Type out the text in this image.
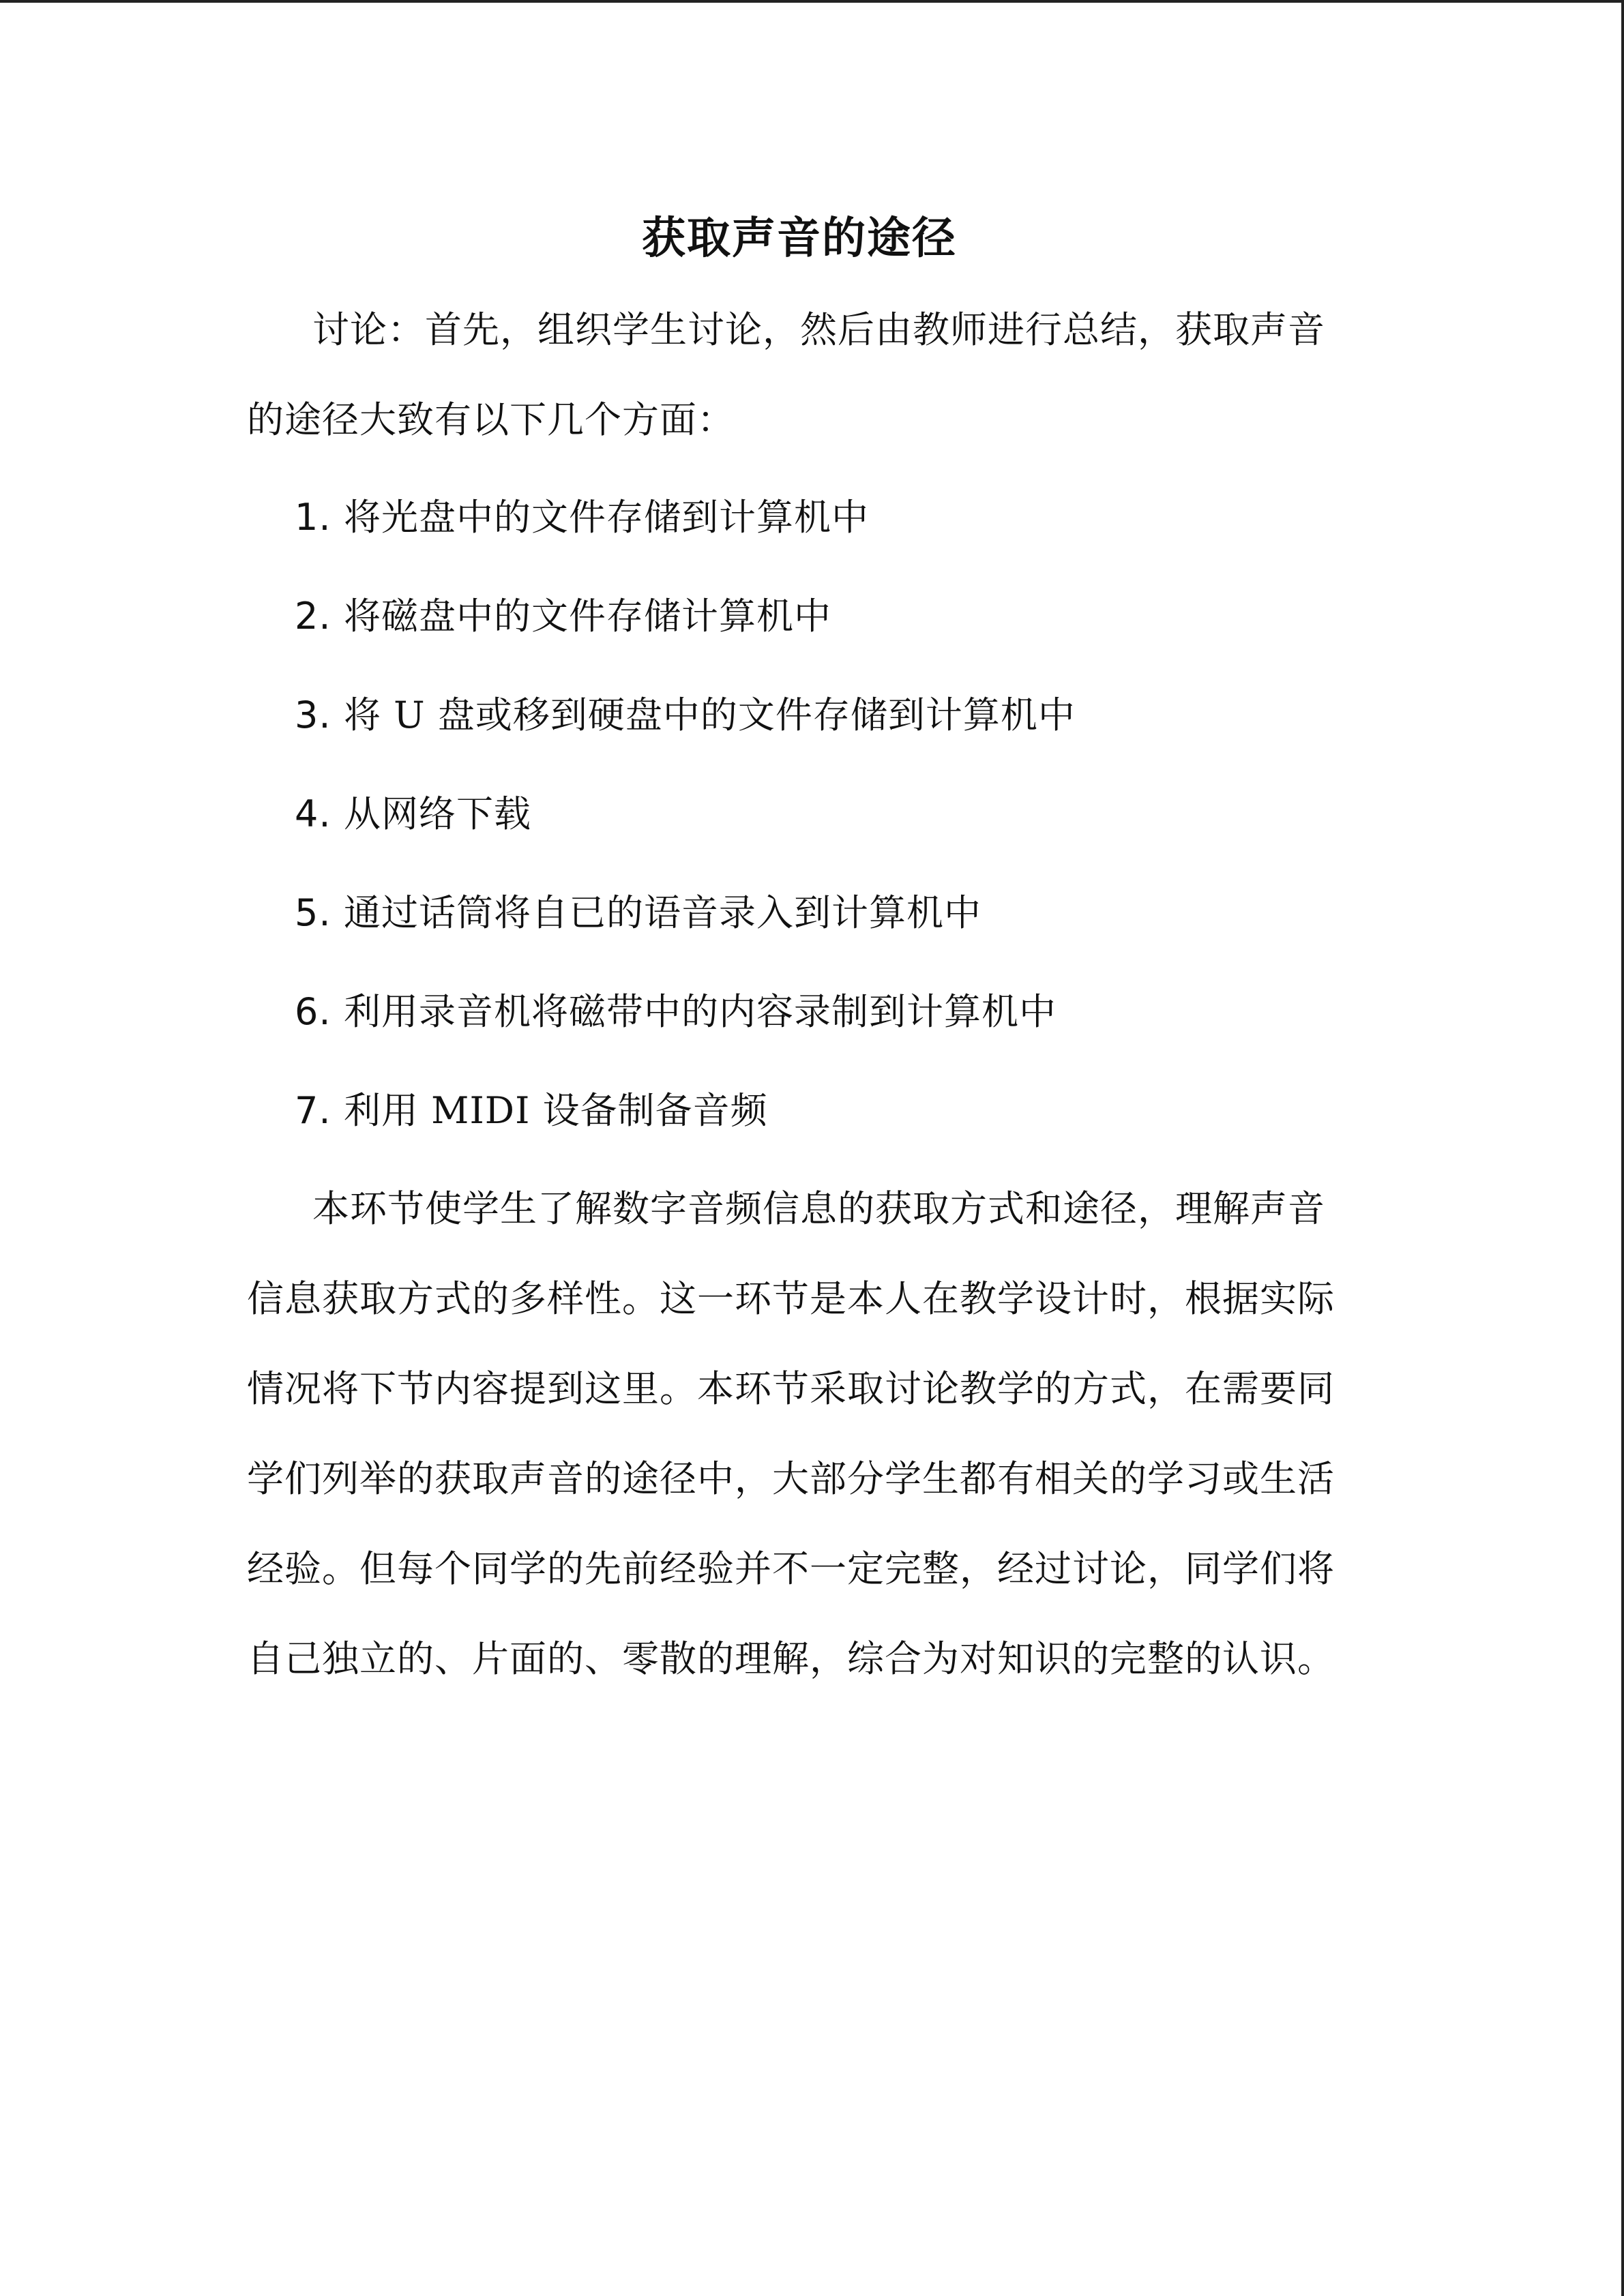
获取声音的途径

讨论：首先，组织学生讨论，然后由教师进行总结，获取声音的途径大致有以下几个方面：

1. 将光盘中的文件存储到计算机中
2. 将磁盘中的文件存储计算机中
3. 将 U 盘或移到硬盘中的文件存储到计算机中
4. 从网络下载
5. 通过话筒将自已的语音录入到计算机中
6. 利用录音机将磁带中的内容录制到计算机中
7. 利用 MIDI 设备制备音频

本环节使学生了解数字音频信息的获取方式和途径，理解声音信息获取方式的多样性。这一环节是本人在教学设计时，根据实际情况将下节内容提到这里。本环节采取讨论教学的方式，在需要同学们列举的获取声音的途径中，大部分学生都有相关的学习或生活经验。但每个同学的先前经验并不一定完整，经过讨论，同学们将自己独立的、片面的、零散的理解，综合为对知识的完整的认识。
